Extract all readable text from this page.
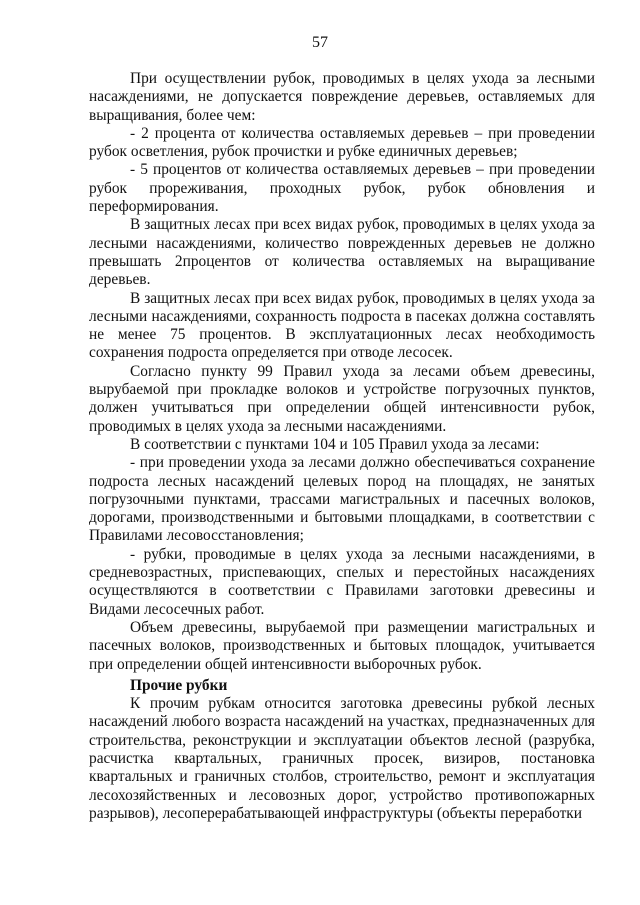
57

При осуществлении рубок, проводимых в целях ухода за лесными насаждениями, не допускается повреждение деревьев, оставляемых для выращивания, более чем:

- 2 процента от количества оставляемых деревьев – при проведении рубок осветления, рубок прочистки и рубке единичных деревьев;

- 5 процентов от количества оставляемых деревьев – при проведении рубок прореживания, проходных рубок, рубок обновления и переформирования.

В защитных лесах при всех видах рубок, проводимых в целях ухода за лесными насаждениями, количество поврежденных деревьев не должно превышать 2процентов от количества оставляемых на выращивание деревьев.

В защитных лесах при всех видах рубок, проводимых в целях ухода за лесными насаждениями, сохранность подроста в пасеках должна составлять не менее 75 процентов. В эксплуатационных лесах необходимость сохранения подроста определяется при отводе лесосек.

Согласно пункту 99 Правил ухода за лесами объем древесины, вырубаемой при прокладке волоков и устройстве погрузочных пунктов, должен учитываться при определении общей интенсивности рубок, проводимых в целях ухода за лесными насаждениями.

В соответствии с пунктами 104 и 105 Правил ухода за лесами:

- при проведении ухода за лесами должно обеспечиваться сохранение подроста лесных насаждений целевых пород на площадях, не занятых погрузочными пунктами, трассами магистральных и пасечных волоков, дорогами, производственными и бытовыми площадками, в соответствии с Правилами лесовосстановления;

- рубки, проводимые в целях ухода за лесными насаждениями, в средневозрастных, приспевающих, спелых и перестойных насаждениях осуществляются в соответствии с Правилами заготовки древесины и Видами лесосечных работ.

Объем древесины, вырубаемой при размещении магистральных и пасечных волоков, производственных и бытовых площадок, учитывается при определении общей интенсивности выборочных рубок.

Прочие рубки

К прочим рубкам относится заготовка древесины рубкой лесных насаждений любого возраста насаждений на участках, предназначенных для строительства, реконструкции и эксплуатации объектов лесной (разрубка, расчистка квартальных, граничных просек, визиров, постановка квартальных и граничных столбов, строительство, ремонт и эксплуатация лесохозяйственных и лесовозных дорог, устройство противопожарных разрывов), лесоперерабатывающей инфраструктуры (объекты переработки
